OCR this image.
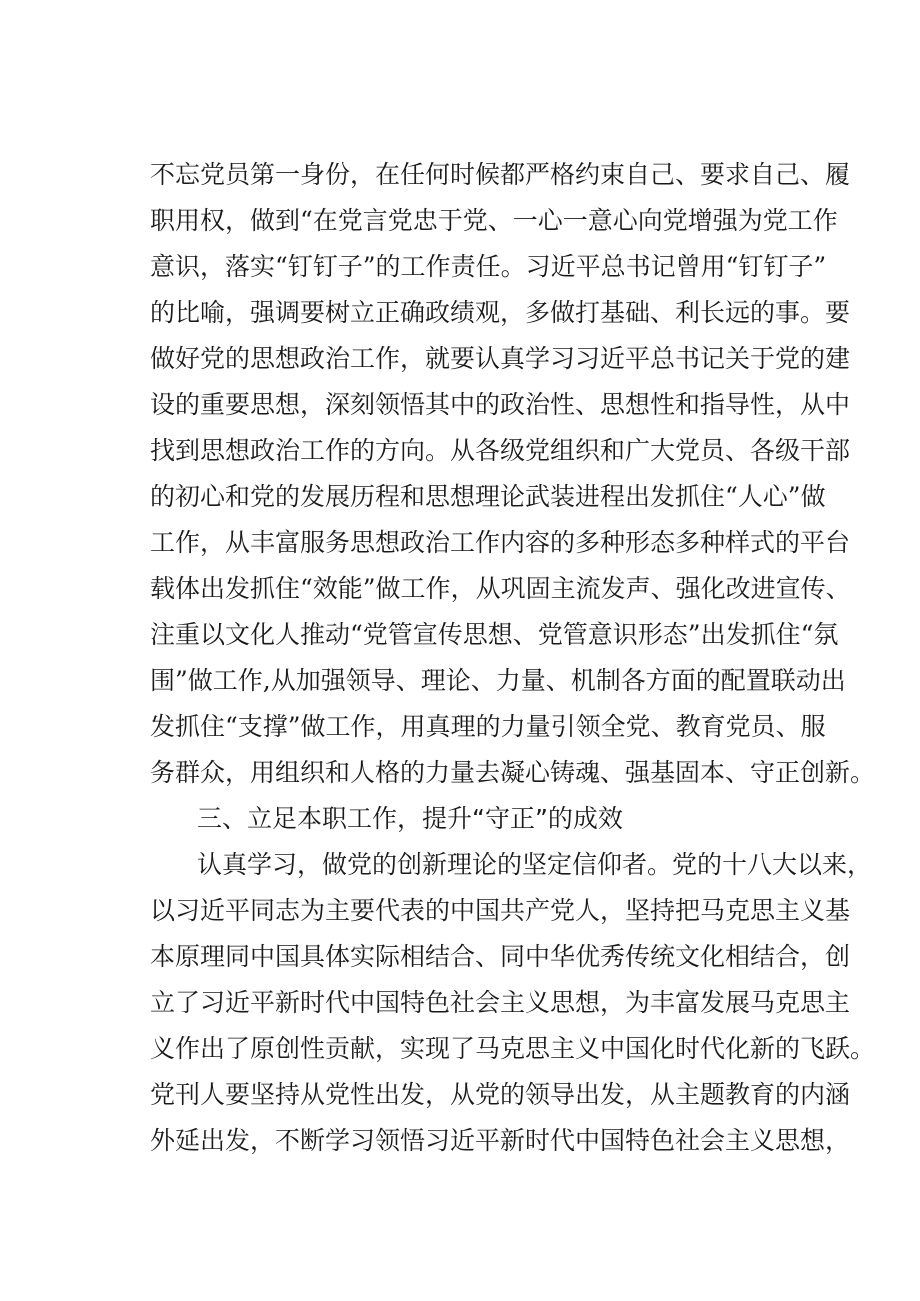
不忘党员第一身份，在任何时候都严格约束自己、要求自己、履
职用权，做到“在党言党忠于党、一心一意心向党增强为党工作
意识，落实“钉钉子”的工作责任。习近平总书记曾用“钉钉子”
的比喻，强调要树立正确政绩观，多做打基础、利长远的事。要
做好党的思想政治工作，就要认真学习习近平总书记关于党的建
设的重要思想，深刻领悟其中的政治性、思想性和指导性，从中
找到思想政治工作的方向。从各级党组织和广大党员、各级干部
的初心和党的发展历程和思想理论武装进程出发抓住“人心”做
工作，从丰富服务思想政治工作内容的多种形态多种样式的平台
载体出发抓住“效能”做工作，从巩固主流发声、强化改进宣传、
注重以文化人推动“党管宣传思想、党管意识形态”出发抓住“氛
围”做工作,从加强领导、理论、力量、机制各方面的配置联动出
发抓住“支撑”做工作，用真理的力量引领全党、教育党员、服
务群众，用组织和人格的力量去凝心铸魂、强基固本、守正创新。
三、立足本职工作，提升“守正”的成效
认真学习，做党的创新理论的坚定信仰者。党的十八大以来，
以习近平同志为主要代表的中国共产党人，坚持把马克思主义基
本原理同中国具体实际相结合、同中华优秀传统文化相结合，创
立了习近平新时代中国特色社会主义思想，为丰富发展马克思主
义作出了原创性贡献，实现了马克思主义中国化时代化新的飞跃。
党刊人要坚持从党性出发，从党的领导出发，从主题教育的内涵
外延出发，不断学习领悟习近平新时代中国特色社会主义思想，
